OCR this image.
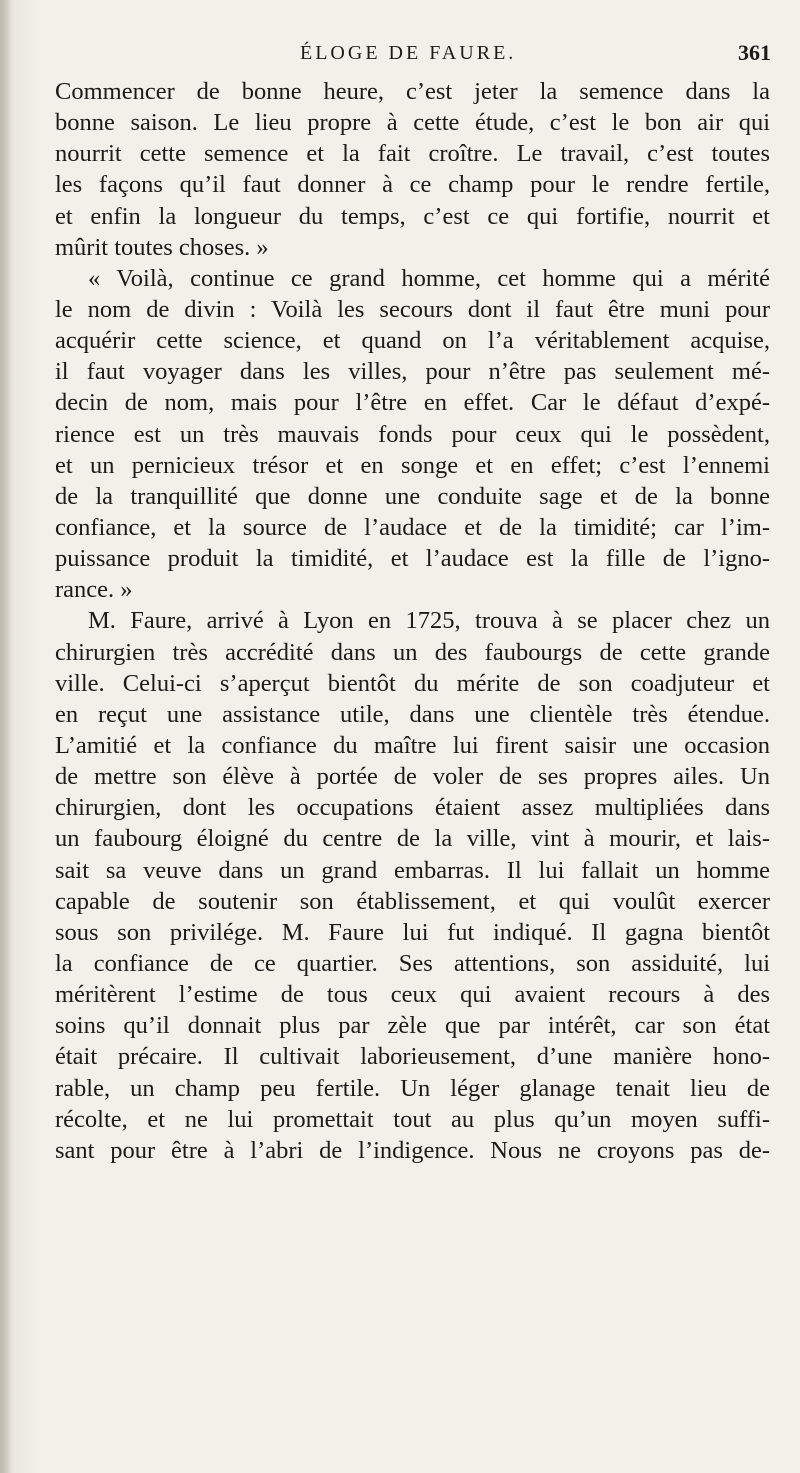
ÉLOGE DE FAURE.	361
Commencer de bonne heure, c’est jeter la semence dans la
bonne saison. Le lieu propre à cette étude, c’est le bon air qui
nourrit cette semence et la fait croître. Le travail, c’est toutes
les façons qu’il faut donner à ce champ pour le rendre fertile,
et enfin la longueur du temps, c’est ce qui fortifie, nourrit et
mûrit toutes choses. »
« Voilà, continue ce grand homme, cet homme qui a mérité
le nom de divin : Voilà les secours dont il faut être muni pour
acquérir cette science, et quand on l’a véritablement acquise,
il faut voyager dans les villes, pour n’être pas seulement mé-
decin de nom, mais pour l’être en effet. Car le défaut d’expé-
rience est un très mauvais fonds pour ceux qui le possèdent,
et un pernicieux trésor et en songe et en effet; c’est l’ennemi
de la tranquillité que donne une conduite sage et de la bonne
confiance, et la source de l’audace et de la timidité; car l’im-
puissance produit la timidité, et l’audace est la fille de l’igno-
rance. »
M. Faure, arrivé à Lyon en 1725, trouva à se placer chez un
chirurgien très accrédité dans un des faubourgs de cette grande
ville. Celui-ci s’aperçut bientôt du mérite de son coadjuteur et
en reçut une assistance utile, dans une clientèle très étendue.
L’amitié et la confiance du maître lui firent saisir une occasion
de mettre son élève à portée de voler de ses propres ailes. Un
chirurgien, dont les occupations étaient assez multipliées dans
un faubourg éloigné du centre de la ville, vint à mourir, et lais-
sait sa veuve dans un grand embarras. Il lui fallait un homme
capable de soutenir son établissement, et qui voulût exercer
sous son privilége. M. Faure lui fut indiqué. Il gagna bientôt
la confiance de ce quartier. Ses attentions, son assiduité, lui
méritèrent l’estime de tous ceux qui avaient recours à des
soins qu’il donnait plus par zèle que par intérêt, car son état
était précaire. Il cultivait laborieusement, d’une manière hono-
rable, un champ peu fertile. Un léger glanage tenait lieu de
récolte, et ne lui promettait tout au plus qu’un moyen suffi-
sant pour être à l’abri de l’indigence. Nous ne croyons pas de-
